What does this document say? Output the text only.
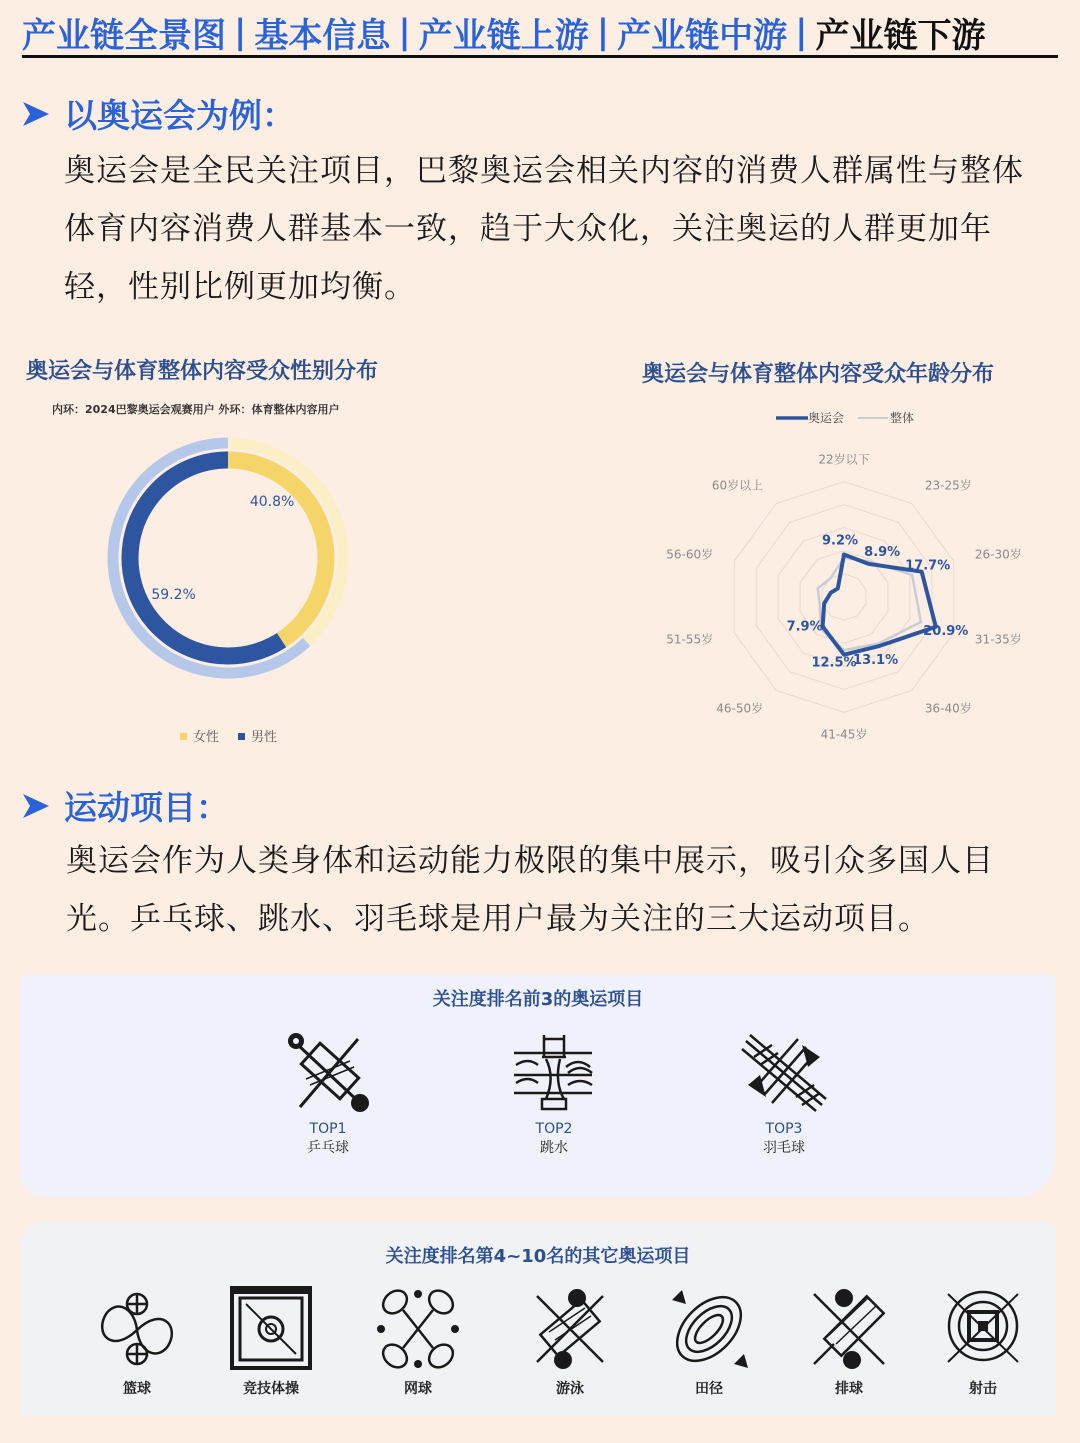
产业链全景图 | 基本信息 | 产业链上游 | 产业链中游 | 产业链下游
以奥运会为例：
奥运会是全民关注项目，巴黎奥运会相关内容的消费人群属性与整体体育内容消费人群基本一致，趋于大众化，关注奥运的人群更加年轻，性别比例更加均衡。
奥运会与体育整体内容受众性别分布
内环：2024巴黎奥运会观赛用户 外环：体育整体内容用户
40.8%
59.2%
女性 男性
奥运会与体育整体内容受众年龄分布
奥运会	整体
22岁以下
23-25岁
26-30岁
31-35岁
36-40岁
41-45岁
46-50岁
51-55岁
56-60岁
60岁以上
9.2%
8.9%
17.7%
20.9%
13.1%
12.5%
7.9%
运动项目：
奥运会作为人类身体和运动能力极限的集中展示，吸引众多国人目光。乒乓球、跳水、羽毛球是用户最为关注的三大运动项目。
关注度排名前3的奥运项目
TOP1
乒乓球
TOP2
跳水
TOP3
羽毛球
关注度排名第4~10名的其它奥运项目
篮球	竞技体操	网球	游泳	田径	排球	射击
